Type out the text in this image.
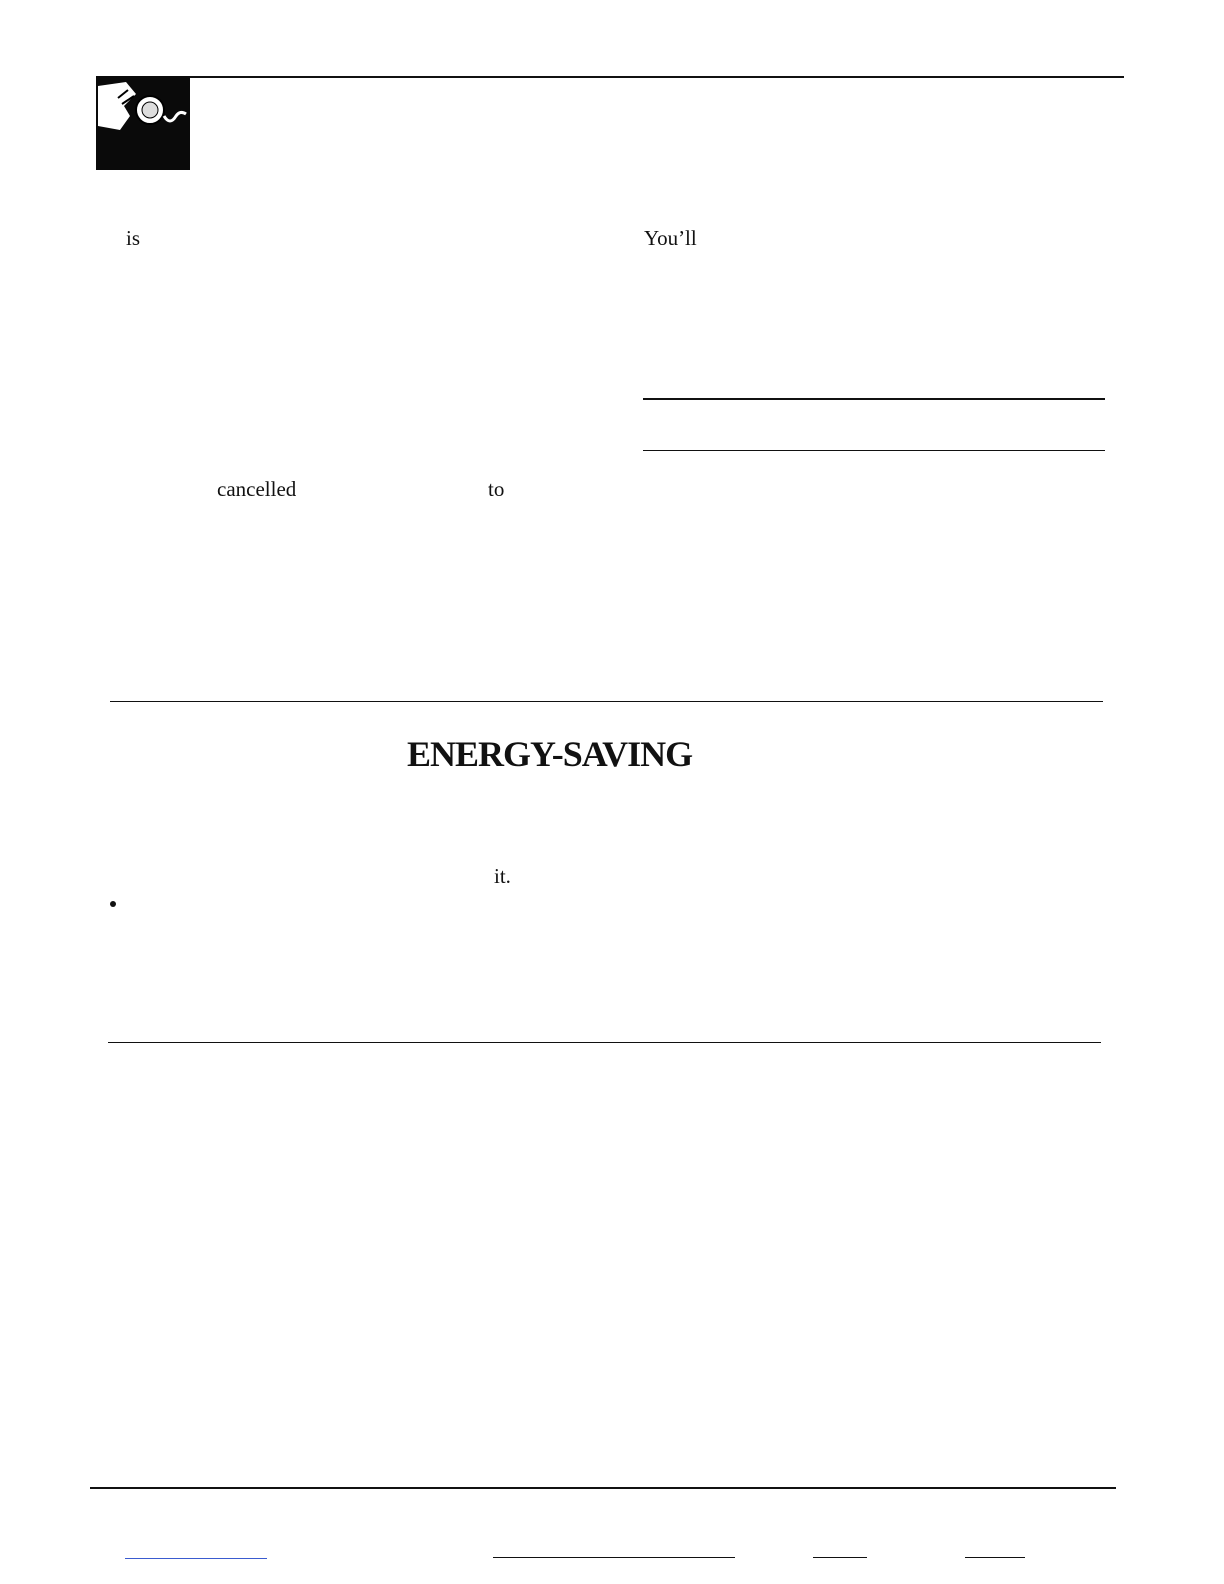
is	You’ll
cancelled	to
ENERGY-SAVING
it.
